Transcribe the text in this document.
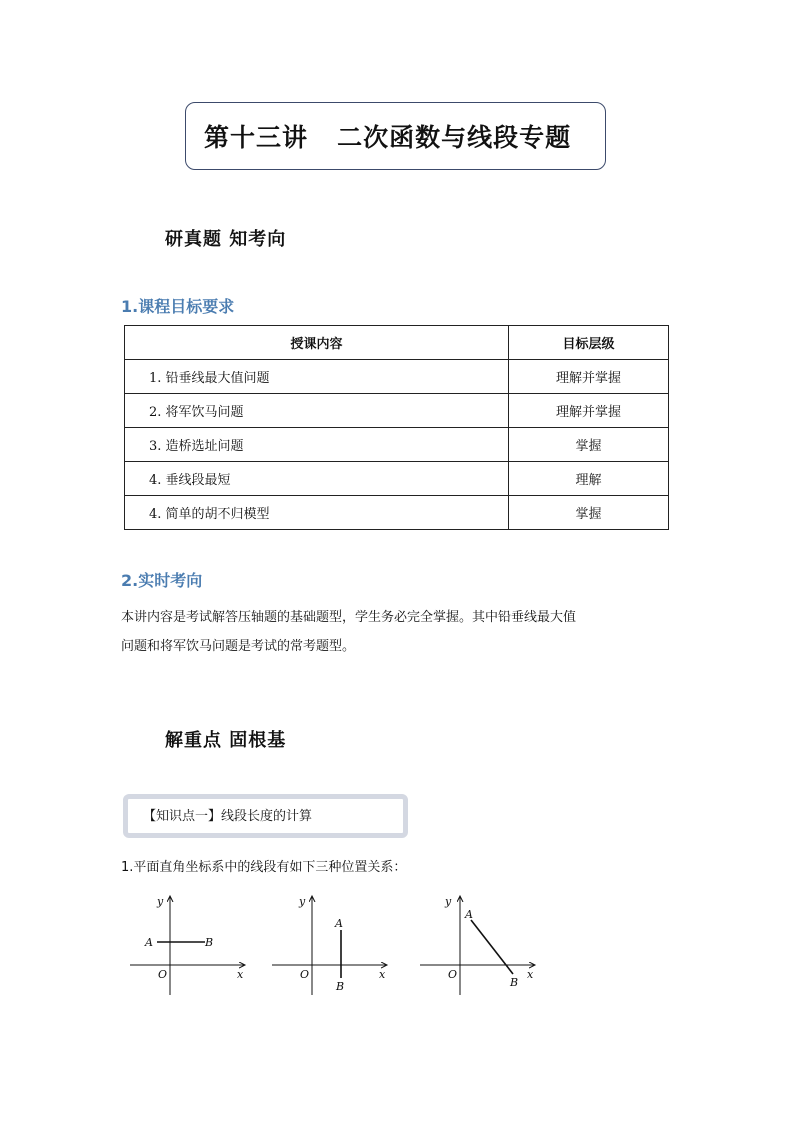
第十三讲   二次函数与线段专题
研真题 知考向
1.课程目标要求
授课内容	目标层级
1. 铅垂线最大值问题	理解并掌握
2. 将军饮马问题	理解并掌握
3. 造桥选址问题	掌握
4. 垂线段最短	理解
4. 简单的胡不归模型	掌握
2.实时考向
本讲内容是考试解答压轴题的基础题型，学生务必完全掌握。其中铅垂线最大值
问题和将军饮马问题是考试的常考题型。
解重点 固根基
【知识点一】线段长度的计算
1.平面直角坐标系中的线段有如下三种位置关系：
y
x
O
A	B
y
x
O
A
B
y
x
O
A
B
